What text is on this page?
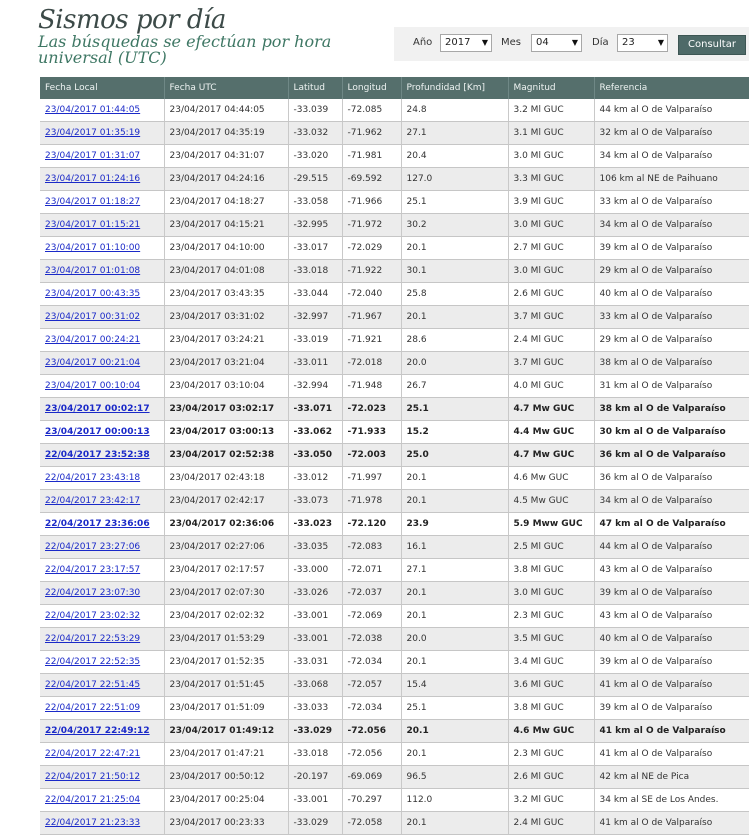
Sismos por día

Las búsquedas se efectúan por hora universal (UTC)

Año 2017 ▼ Mes 04	▼ Día 23	▼	Consultar
Fecha Local	Fecha UTC	Latitud	Longitud	Profundidad [Km]	Magnitud	Referencia
23/04/2017 01:44:05	23/04/2017 04:44:05	-33.039	-72.085	24.8	3.2 Ml GUC	44 km al O de Valparaíso
23/04/2017 01:35:19	23/04/2017 04:35:19	-33.032	-71.962	27.1	3.1 Ml GUC	32 km al O de Valparaíso
23/04/2017 01:31:07	23/04/2017 04:31:07	-33.020	-71.981	20.4	3.0 Ml GUC	34 km al O de Valparaíso
23/04/2017 01:24:16	23/04/2017 04:24:16	-29.515	-69.592	127.0	3.3 Ml GUC	106 km al NE de Paihuano
23/04/2017 01:18:27	23/04/2017 04:18:27	-33.058	-71.966	25.1	3.9 Ml GUC	33 km al O de Valparaíso
23/04/2017 01:15:21	23/04/2017 04:15:21	-32.995	-71.972	30.2	3.0 Ml GUC	34 km al O de Valparaíso
23/04/2017 01:10:00	23/04/2017 04:10:00	-33.017	-72.029	20.1	2.7 Ml GUC	39 km al O de Valparaíso
23/04/2017 01:01:08	23/04/2017 04:01:08	-33.018	-71.922	30.1	3.0 Ml GUC	29 km al O de Valparaíso
23/04/2017 00:43:35	23/04/2017 03:43:35	-33.044	-72.040	25.8	2.6 Ml GUC	40 km al O de Valparaíso
23/04/2017 00:31:02	23/04/2017 03:31:02	-32.997	-71.967	20.1	3.7 Ml GUC	33 km al O de Valparaíso
23/04/2017 00:24:21	23/04/2017 03:24:21	-33.019	-71.921	28.6	2.4 Ml GUC	29 km al O de Valparaíso
23/04/2017 00:21:04	23/04/2017 03:21:04	-33.011	-72.018	20.0	3.7 Ml GUC	38 km al O de Valparaíso
23/04/2017 00:10:04	23/04/2017 03:10:04	-32.994	-71.948	26.7	4.0 Ml GUC	31 km al O de Valparaíso
23/04/2017 00:02:17	23/04/2017 03:02:17	-33.071	-72.023	25.1	4.7 Mw GUC	38 km al O de Valparaíso
23/04/2017 00:00:13	23/04/2017 03:00:13	-33.062	-71.933	15.2	4.4 Mw GUC	30 km al O de Valparaíso
22/04/2017 23:52:38	23/04/2017 02:52:38	-33.050	-72.003	25.0	4.7 Mw GUC	36 km al O de Valparaíso
22/04/2017 23:43:18	23/04/2017 02:43:18	-33.012	-71.997	20.1	4.6 Mw GUC	36 km al O de Valparaíso
22/04/2017 23:42:17	23/04/2017 02:42:17	-33.073	-71.978	20.1	4.5 Mw GUC	34 km al O de Valparaíso
22/04/2017 23:36:06	23/04/2017 02:36:06	-33.023	-72.120	23.9	5.9 Mww GUC	47 km al O de Valparaíso
22/04/2017 23:27:06	23/04/2017 02:27:06	-33.035	-72.083	16.1	2.5 Ml GUC	44 km al O de Valparaíso
22/04/2017 23:17:57	23/04/2017 02:17:57	-33.000	-72.071	27.1	3.8 Ml GUC	43 km al O de Valparaíso
22/04/2017 23:07:30	23/04/2017 02:07:30	-33.026	-72.037	20.1	3.0 Ml GUC	39 km al O de Valparaíso
22/04/2017 23:02:32	23/04/2017 02:02:32	-33.001	-72.069	20.1	2.3 Ml GUC	43 km al O de Valparaíso
22/04/2017 22:53:29	23/04/2017 01:53:29	-33.001	-72.038	20.0	3.5 Ml GUC	40 km al O de Valparaíso
22/04/2017 22:52:35	23/04/2017 01:52:35	-33.031	-72.034	20.1	3.4 Ml GUC	39 km al O de Valparaíso
22/04/2017 22:51:45	23/04/2017 01:51:45	-33.068	-72.057	15.4	3.6 Ml GUC	41 km al O de Valparaíso
22/04/2017 22:51:09	23/04/2017 01:51:09	-33.033	-72.034	25.1	3.8 Ml GUC	39 km al O de Valparaíso
22/04/2017 22:49:12	23/04/2017 01:49:12	-33.029	-72.056	20.1	4.6 Mw GUC	41 km al O de Valparaíso
22/04/2017 22:47:21	23/04/2017 01:47:21	-33.018	-72.056	20.1	2.3 Ml GUC	41 km al O de Valparaíso
22/04/2017 21:50:12	23/04/2017 00:50:12	-20.197	-69.069	96.5	2.6 Ml GUC	42 km al NE de Pica
22/04/2017 21:25:04	23/04/2017 00:25:04	-33.001	-70.297	112.0	3.2 Ml GUC	34 km al SE de Los Andes.
22/04/2017 21:23:33	23/04/2017 00:23:33	-33.029	-72.058	20.1	2.4 Ml GUC	41 km al O de Valparaíso
